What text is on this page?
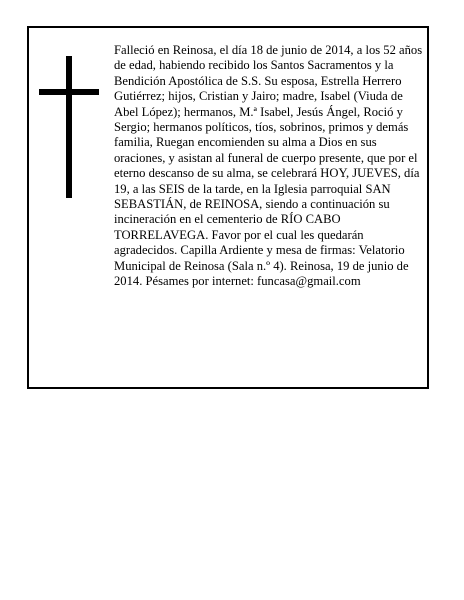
Falleció en Reinosa, el día 18 de junio de 2014, a los 52 años de edad, habiendo recibido los Santos Sacramentos y la Bendición Apostólica de S.S. Su esposa, Estrella Herrero Gutiérrez; hijos, Cristian y Jairo; madre, Isabel (Viuda de Abel López); hermanos, M.ª Isabel, Jesús Ángel, Roció y Sergio; hermanos políticos, tíos, sobrinos, primos y demás familia, Ruegan encomienden su alma a Dios en sus oraciones, y asistan al funeral de cuerpo presente, que por el eterno descanso de su alma, se celebrará HOY, JUEVES, día 19, a las SEIS de la tarde, en la Iglesia parroquial SAN SEBASTIÁN, de REINOSA, siendo a continuación su incineración en el cementerio de RÍO CABO TORRELAVEGA. Favor por el cual les quedarán agradecidos. Capilla Ardiente y mesa de firmas: Velatorio Municipal de Reinosa (Sala n.º 4). Reinosa, 19 de junio de 2014. Pésames por internet: funcasa@gmail.com
